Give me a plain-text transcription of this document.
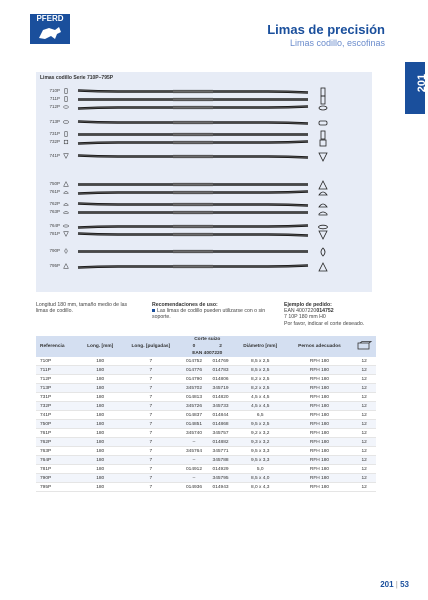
PFERD
Limas de precisión
Limas codillo, escofinas
201
Limas codillo Serie 710P–795P
710P
711P
712P
713P
731P
732P
741P
750P
761P
762P
763P
764P
781P
790P
795P
Longitud 180 mm, tamaño medio de las limas de codillo.
Recomendaciones de uso:
Las limas de codillo pueden utilizarse con o sin soporte.
Ejemplo de pedido:
EAN 4007220014752
7 10P 180 mm H0
Por favor, indicar el corte deseado.
Referencia	Long. [mm]	Long. [pulgadas]	Corte suizo		Diámetro [mm]	Pernos adecuados	
			0	2			
			EAN 4007220				
710P	180	7	014752	014769	8,5 x 2,5	RFH 180	12
711P	180	7	014776	014783	8,5 x 2,5	RFH 180	12
712P	180	7	014790	014806	8,2 x 2,5	RFH 180	12
713P	180	7	345702	345719	8,2 x 2,5	RFH 180	12
731P	180	7	014813	014820	4,5 x 4,5	RFH 180	12
732P	180	7	345726	345733	4,5 x 4,5	RFH 180	12
741P	180	7	014837	014844	6,5	RFH 180	12
750P	180	7	014851	014868	9,5 x 2,5	RFH 180	12
761P	180	7	345740	345757	9,2 x 3,2	RFH 180	12
762P	180	7	–	014882	9,3 x 3,2	RFH 180	12
763P	180	7	345764	345771	9,5 x 3,3	RFH 180	12
764P	180	7	–	345788	9,5 x 3,3	RFH 180	12
781P	180	7	014912	014929	5,0	RFH 180	12
790P	180	7	–	345795	8,5 x 4,0	RFH 180	12
795P	180	7	014936	014943	8,0 x 4,3	RFH 180	12
201 | 53
